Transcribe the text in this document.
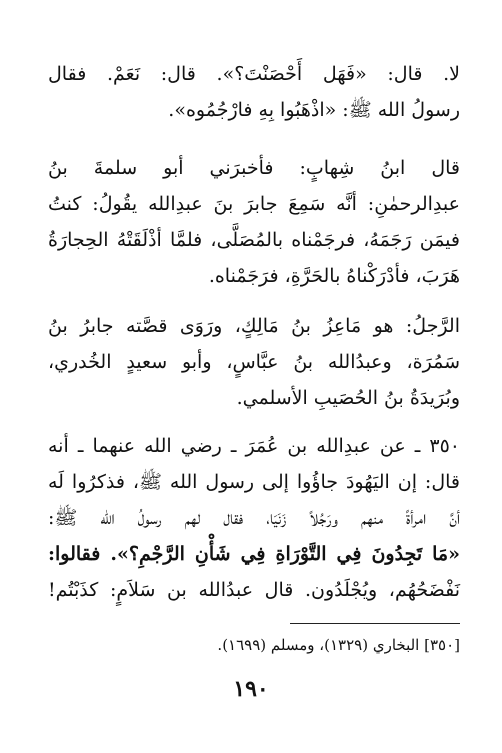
لا. قال: «فَهَل أَحْصَنْتَ؟». قال: نَعَمْ. فقال
رسولُ الله ﷺ: «اذْهَبُوا بِهِ فارْجُمُوه».
قال ابنُ شِهابٍ: فأخبرَني أبو سلمةَ بنُ
عبدِالرحمٰنِ: أنَّه سَمِعَ جابرَ بنَ عبدِالله يقُولُ: كنتُ
فيمَن رَجَمَهُ، فرجَمْناه بالمُصَلَّى، فلمَّا أذْلَقَتْهُ الحِجارَةُ
هَرَبَ، فأدْرَكْناهُ بالحَرَّةِ، فرَجَمْناه.
الرَّجلُ: هو مَاعِزُ بنُ مَالِكٍ، ورَوَى قصَّته جابرُ بنُ
سَمُرَة، وعبدُالله بنُ عبَّاسٍ، وأبو سعيدٍ الخُدري،
وبُرَيدَةُ بنُ الحُصَيبِ الأسلمي.
٣٥٠ ـ عن عبدِالله بن عُمَرَ ـ رضي الله عنهما ـ أنه
قال: إن اليَهُودَ جاؤُوا إلى رسول الله ﷺ، فذكرُوا لَه
أنَّ امرأةً منهم ورَجُلاً زَنَيَا، فقال لهم رسولُ الله ﷺ:
«مَا تَجِدُونَ فِي التَّوْرَاةِ فِي شَأْنِ الرَّجْمِ؟». فقالوا:
نَفْضَحُهُم، ويُجْلَدُون. قال عبدُالله بن سَلاَمٍ: كذَبْتُم!
[٣٥٠] البخاري (١٣٢٩)، ومسلم (١٦٩٩).
١٩٠
